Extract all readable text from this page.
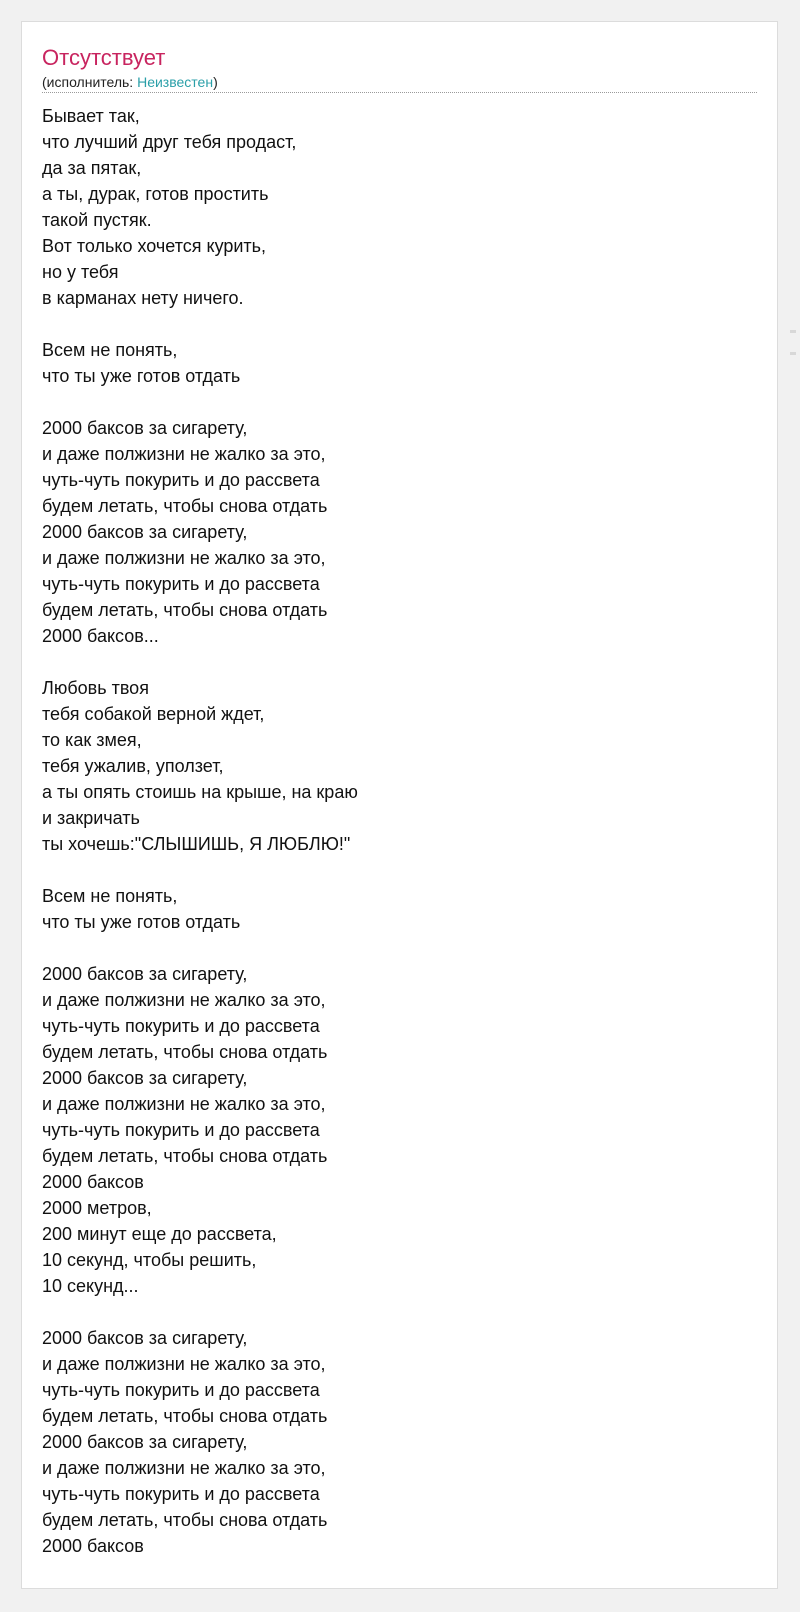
Отсутствует
(исполнитель: Неизвестен)
Бывает так,
что лучший друг тебя продаст,
да за пятак,
а ты, дурак, готов простить
такой пустяк.
Вот только хочется курить,
но у тебя
в карманах нету ничего.

Всем не понять,
что ты уже готов отдать

2000 баксов за сигарету,
и даже полжизни не жалко за это,
чуть-чуть покурить и до рассвета
будем летать, чтобы снова отдать
2000 баксов за сигарету,
и даже полжизни не жалко за это,
чуть-чуть покурить и до рассвета
будем летать, чтобы снова отдать
2000 баксов...

Любовь твоя
тебя собакой верной ждет,
то как змея,
тебя ужалив, уползет,
а ты опять стоишь на крыше, на краю
и закричать
ты хочешь:"СЛЫШИШЬ, Я ЛЮБЛЮ!"

Всем не понять,
что ты уже готов отдать

2000 баксов за сигарету,
и даже полжизни не жалко за это,
чуть-чуть покурить и до рассвета
будем летать, чтобы снова отдать
2000 баксов за сигарету,
и даже полжизни не жалко за это,
чуть-чуть покурить и до рассвета
будем летать, чтобы снова отдать
2000 баксов
2000 метров,
200 минут еще до рассвета,
10 секунд, чтобы решить,
10 секунд...

2000 баксов за сигарету,
и даже полжизни не жалко за это,
чуть-чуть покурить и до рассвета
будем летать, чтобы снова отдать
2000 баксов за сигарету,
и даже полжизни не жалко за это,
чуть-чуть покурить и до рассвета
будем летать, чтобы снова отдать
2000 баксов
